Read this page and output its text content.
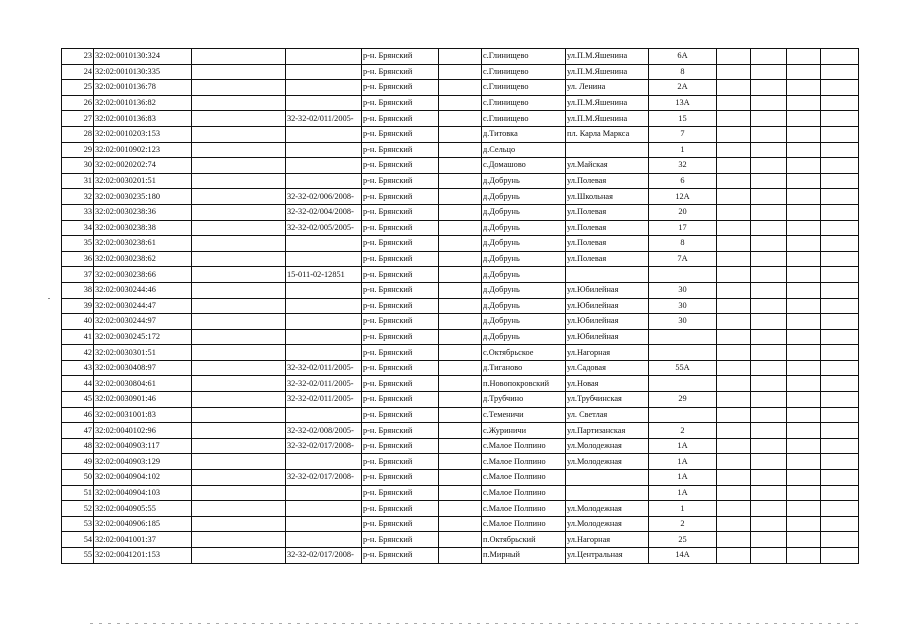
23	32:02:0010130:324			р-н. Брянский		с.Глинищево	ул.П.М.Яшенина	6А				
24	32:02:0010130:335			р-н. Брянский		с.Глинищево	ул.П.М.Яшенина	8				
25	32:02:0010136:78			р-н. Брянский		с.Глинищево	ул. Ленина	2А				
26	32:02:0010136:82			р-н. Брянский		с.Глинищево	ул.П.М.Яшенина	13А				
27	32:02:0010136:83		32-32-02/011/2005-	р-н. Брянский		с.Глинищево	ул.П.М.Яшенина	15				
28	32:02:0010203:153			р-н. Брянский		д.Титовка	пл. Карла Маркса	7				
29	32:02:0010902:123			р-н. Брянский		д.Сельцо		1				
30	32:02:0020202:74			р-н. Брянский		с.Домашово	ул.Майская	32				
31	32:02:0030201:51			р-н. Брянский		д.Добрунь	ул.Полевая	6				
32	32:02:0030235:180		32-32-02/006/2008-	р-н. Брянский		д.Добрунь	ул.Школьная	12А				
33	32:02:0030238:36		32-32-02/004/2008-	р-н. Брянский		д.Добрунь	ул.Полевая	20				
34	32:02:0030238:38		32-32-02/005/2005-	р-н. Брянский		д.Добрунь	ул.Полевая	17				
35	32:02:0030238:61			р-н. Брянский		д.Добрунь	ул.Полевая	8				
36	32:02:0030238:62			р-н. Брянский		д.Добрунь	ул.Полевая	7А				
37	32:02:0030238:66		15-011-02-12851	р-н. Брянский		д.Добрунь						
38	32:02:0030244:46			р-н. Брянский		д.Добрунь	ул.Юбилейная	30				
39	32:02:0030244:47			р-н. Брянский		д.Добрунь	ул.Юбилейная	30				
40	32:02:0030244:97			р-н. Брянский		д.Добрунь	ул.Юбилейная	30				
41	32:02:0030245:172			р-н. Брянский		д.Добрунь	ул.Юбилейная					
42	32:02:0030301:51			р-н. Брянский		с.Октябрьское	ул.Нагорная					
43	32:02:0030408:97		32-32-02/011/2005-	р-н. Брянский		д.Тиганово	ул.Садовая	55А				
44	32:02:0030804:61		32-32-02/011/2005-	р-н. Брянский		п.Новопокровский	ул.Новая					
45	32:02:0030901:46		32-32-02/011/2005-	р-н. Брянский		д.Трубчино	ул.Трубчинская	29				
46	32:02:0031001:83			р-н. Брянский		с.Теменичи	ул. Светлая					
47	32:02:0040102:96		32-32-02/008/2005-	р-н. Брянский		с.Журиничи	ул.Партизанская	2				
48	32:02:0040903:117		32-32-02/017/2008-	р-н. Брянский		с.Малое Полпино	ул.Молодежная	1А				
49	32:02:0040903:129			р-н. Брянский		с.Малое Полпино	ул.Молодежная	1А				
50	32:02:0040904:102		32-32-02/017/2008-	р-н. Брянский		с.Малое Полпино		1А				
51	32:02:0040904:103			р-н. Брянский		с.Малое Полпино		1А				
52	32:02:0040905:55			р-н. Брянский		с.Малое Полпино	ул.Молодежная	1				
53	32:02:0040906:185			р-н. Брянский		с.Малое Полпино	ул.Молодежная	2				
54	32:02:0041001:37			р-н. Брянский		п.Октябрьский	ул.Нагорная	25				
55	32:02:0041201:153		32-32-02/017/2008-	р-н. Брянский		п.Мирный	ул.Центральная	14А				
